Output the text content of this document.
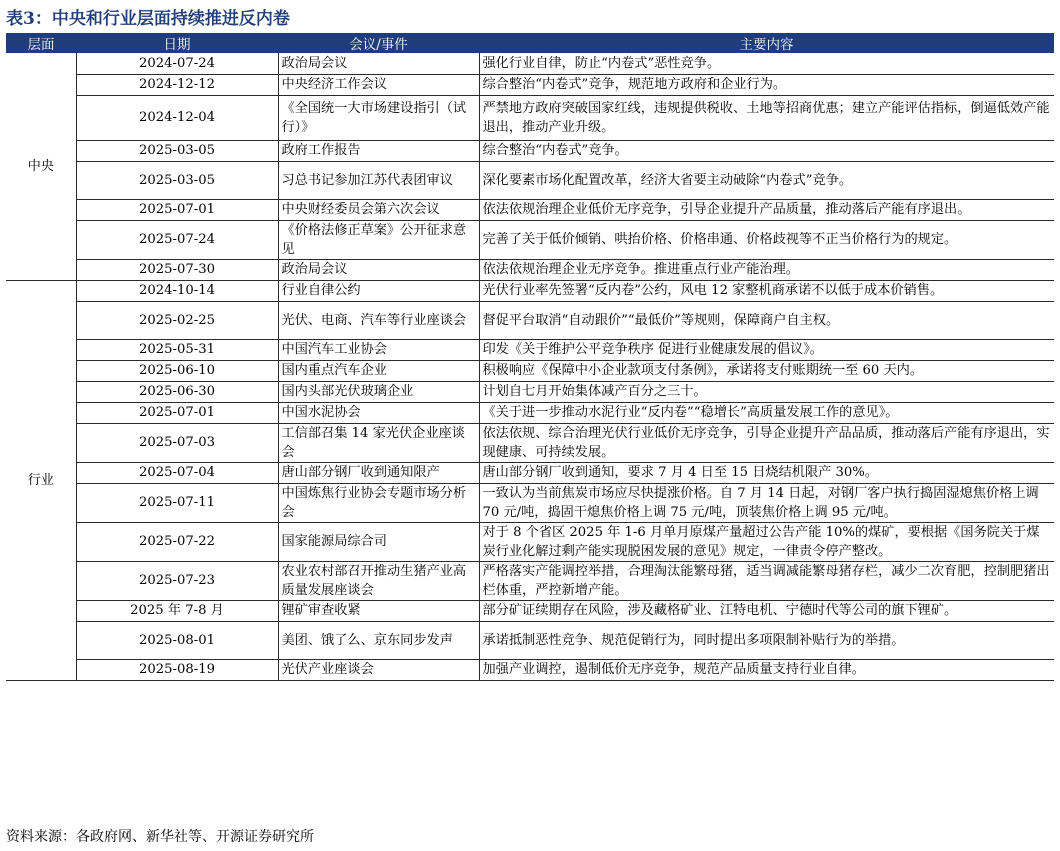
表3：中央和行业层面持续推进反内卷
层面	日期	会议/事件	主要内容
中央	2024-07-24	政治局会议	强化行业自律，防止“内卷式”恶性竞争。
	2024-12-12	中央经济工作会议	综合整治“内卷式”竞争，规范地方政府和企业行为。
	2024-12-04	《全国统一大市场建设指引（试行）》	严禁地方政府突破国家红线，违规提供税收、土地等招商优惠；建立产能评估指标，倒逼低效产能退出，推动产业升级。
	2025-03-05	政府工作报告	综合整治“内卷式”竞争。
	2025-03-05	习总书记参加江苏代表团审议	深化要素市场化配置改革，经济大省要主动破除“内卷式”竞争。
	2025-07-01	中央财经委员会第六次会议	依法依规治理企业低价无序竞争，引导企业提升产品质量，推动落后产能有序退出。
	2025-07-24	《价格法修正草案》公开征求意见	完善了关于低价倾销、哄抬价格、价格串通、价格歧视等不正当价格行为的规定。
	2025-07-30	政治局会议	依法依规治理企业无序竞争。推进重点行业产能治理。
行业	2024-10-14	行业自律公约	光伏行业率先签署“反内卷”公约，风电 12 家整机商承诺不以低于成本价销售。
	2025-02-25	光伏、电商、汽车等行业座谈会	督促平台取消“自动跟价”“最低价”等规则，保障商户自主权。
	2025-05-31	中国汽车工业协会	印发《关于维护公平竞争秩序 促进行业健康发展的倡议》。
	2025-06-10	国内重点汽车企业	积极响应《保障中小企业款项支付条例》，承诺将支付账期统一至 60 天内。
	2025-06-30	国内头部光伏玻璃企业	计划自七月开始集体减产百分之三十。
	2025-07-01	中国水泥协会	《关于进一步推动水泥行业“反内卷”“稳增长”高质量发展工作的意见》。
	2025-07-03	工信部召集 14 家光伏企业座谈会	依法依规、综合治理光伏行业低价无序竞争，引导企业提升产品品质，推动落后产能有序退出，实现健康、可持续发展。
	2025-07-04	唐山部分钢厂收到通知限产	唐山部分钢厂收到通知，要求 7 月 4 日至 15 日烧结机限产 30%。
	2025-07-11	中国炼焦行业协会专题市场分析会	一致认为当前焦炭市场应尽快提涨价格。自 7 月 14 日起，对钢厂客户执行捣固湿熄焦价格上调 70 元/吨，捣固干熄焦价格上调 75 元/吨，顶装焦价格上调 95 元/吨。
	2025-07-22	国家能源局综合司	对于 8 个省区 2025 年 1-6 月单月原煤产量超过公告产能 10%的煤矿，要根据《国务院关于煤炭行业化解过剩产能实现脱困发展的意见》规定，一律责令停产整改。
	2025-07-23	农业农村部召开推动生猪产业高质量发展座谈会	严格落实产能调控举措，合理淘汰能繁母猪，适当调减能繁母猪存栏，减少二次育肥，控制肥猪出栏体重，严控新增产能。
	2025 年 7-8 月	锂矿审查收紧	部分矿证续期存在风险，涉及藏格矿业、江特电机、宁德时代等公司的旗下锂矿。
	2025-08-01	美团、饿了么、京东同步发声	承诺抵制恶性竞争、规范促销行为，同时提出多项限制补贴行为的举措。
	2025-08-19	光伏产业座谈会	加强产业调控，遏制低价无序竞争，规范产品质量支持行业自律。
资料来源：各政府网、新华社等、开源证券研究所
